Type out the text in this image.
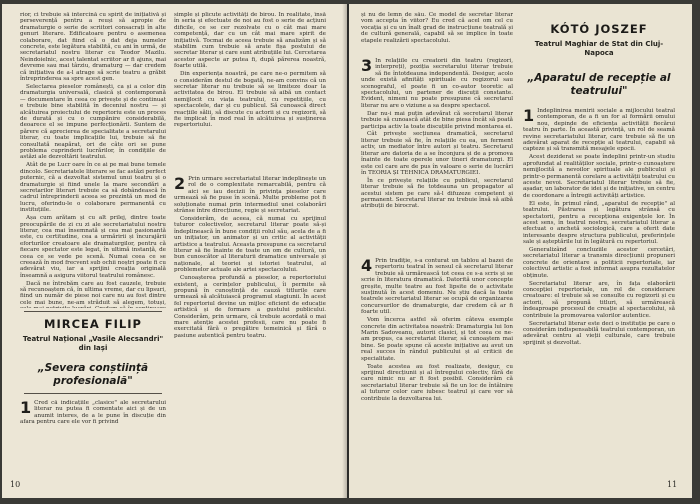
rior, ci trebuie să intercină cu spirit de inițiativă și perseverență pentru a reuși să apropie de dramaturgie o serie de scriitori consacrați în alte genuri literare. Edificatoare pentru o asemenea colaborare, dat fiind că o dat deja numelor concrete, este legătura stabilită, cu ani în urmă, de secretariatul nostru literar cu Teodor Mazilu. Neindoielnic, acest talentat scriitor ar fi ajuns, mai devreme sau mai târziu, dramaturg — dar credem că inițiativa de a-l atrage să scrie teatru a grăbit întreprinderea sa spre acest gen.

Selectarea pieselor românești, ca și a celor din dramaturgia universală, clasică și contemporană — documentare în ceea ce privește și de continuat e trebuie bine stabilită în deceniul nostru — și alcătuirea proiectului de repertoriu este un proces de durată și cu o cumpănire considerabilă, deoarece el se impune perfecționării. Suntem de părere că aprecierea de specialitate a secretarului literar, cu toate implicațiile lui, trebuie să fie consultată neapărat, ori de câte ori se pune problema cuprinderii lucrărilor, în condițiile de astăzi ale dezvoltării teatrului.

Atât de pe Lucr oare în ce ai pe mai bune temele dincolo. Secretariatele literare se fac astăzi perfect puternic, că a dezvoltat sistemul unui teatru și o dramaturgie și fiind unele la mare secondări a secretarilor literari trebuie ca să dobândească în cadrul întreprinderii aceea se prezintă un mod de lucru, oferindu-le o colaborare permanentă cu instituțiile.

Așa cum arătam și cu alt prilej, dintre toate preocupările de zi cu zi ale secretariatului nostru literar, cea mai însemnată și cea mai pasionantă este, cu certitudine, cea a urmăririi și încurajării eforturilor creatoare ale dramaturgilor, pentru că fiecare spectator este legat, în ultimă instanță, de ceea ce se vede pe scenă. Numai ceea ce se creează în mod frecvent sub ochii noștri poate fi cu adevărat viu, iar a sprijini creația originală înseamnă a asigura viitorul teatrului românesc.

Dacă ne întrebăm care au fost cauzele, trebuie să recunoaștem că, în ultima vreme, dar cu lipsuri, fiind un număr de piese noi care nu au fost dintre cele mai bune, ne-am străduit să alegem, totuși,

MIRCEA FILIP
Teatrul Național „Vasile Alecsandri" din Iași
„Severa conștiință profesională"

1 Cred că indicațiile „clasice" ale secretarului literar nu putea fi comentate aici și de un anumit interes, de a le pune în discuție din afara pentru care ele vor fi privind

simple și plicute activități de birou. În realitate, însă în seria și efectuate de noi au fost o serie de acțiuni dificile, ce se cer rezolvate cu o cât mai mare competență, dar cu un cât mai mare spirit de inițiativă. Tocmai de aceea trebuie să analizăm și să stabilim cum trebuie să arate fișa postului de secretar literar și care sunt atribuțiile lui. Cercetarea acestor aspecte ar putea fi, după părerea noastră, foarte utilă.

Din experiența noastră, pe care ne-o permitem să o considerăm destul de bogată, ne-am convins că un secretar literar nu trebuie să se limiteze doar la activitatea de birou. El trebuie să aibă un contact nemijlocit cu viața teatrului, cu repetițiile, cu spectacolele, dar și cu publicul. Să cunoască direct reacțiile sălii, să discute cu actorii și cu regizorii, să fie implicat în mod real în alcătuirea și susținerea repertoriului.

2 Prin urmare secretariatul literar îndeplinește un rol de o complexitate remarcabilă, pentru că aici se iau decizii în privința pieselor care urmează să fie puse în scenă. Multe probleme pot fi soluționate numai prin intermediul unei colaborări strânse între direcțiune, regie și secretariat.

Considerăm, de aceea, că numai cu sprijinul tuturor colectivelor, secretarul literar poate să-și îndeplinească în bune condiții rolul său, acela de a fi un inițiator, un animator și un critic al activității artistice a teatrului. Aceasta presupune ca secretarul literar să fie înainte de toate un om de cultură, un bun cunoscător al literaturii dramatice universale și naționale, al teoriei și istoriei teatrului, al problemelor actuale ale artei spectacolului.

Cunoașterea profundă a pieselor, a repertoriului existent, a cerințelor publicului, îi permite să propună în cunoștință de cauză titlurile care urmează să alcătuiască programul stagiunii. În acest fel repertoriul devine un mijloc eficient de educație artistică și de formare a gustului publicului. Considerăm, prin urmare, că trebuie acordată o mai mare atenție acestei profesii, care nu poate fi exercitată fără o pregătire temeinică și fără o pasiune autentică pentru teatru.

10

și nu de lemn de său. Ce model de secretar literar vom accepta în viitor? Eu cred că acel om cel cu vocația și cu un înalt grad de instrucțiune teatrală și de cultură generală, capabil să se implice în toate etapele realizării spectacolului.

3 În relațiile cu creatorii din teatru (regizori, interpreți), poziția secretarului literar trebuie să fie întotdeauna independentă. Desigur, acolo unde există afinități spirituale cu regizorul sau scenograful, el poate fi un co-autor teoretic al spectacolului, un partener de discuții constante. Evident, nimeni nu poate presupune că secretarul literar nu are o viziune a sa despre spectacol.

Dar nu-i mai puțin adevărat că secretarul literar trebuie să cunoască atât de bine piesa încât să poată participa activ la toate discuțiile privind montarea ei.

Cât privește secțiunea dramatică, secretarul literar trebuie să fie, în relațiile cu ea, un ferment activ, un mediator între autori și teatru. Secretarul literar are datoria de a se înconjura și de a promova înainte de toate operele unor tineri dramaturgi. El este cel care are de pus în valoare o serie de lucrări în TEORIA ȘI TEHNICA DRAMATURGIEI.

În ce privește relațiile cu publicul, secretarul literar trebuie să fie totdeauna un propagator al acestui sistem pe care să-l difuzeze competent și permanent. Secretarul literar nu trebuie însă să aibă atribuții de birocrat.

4 Prin tradiție, s-a conturat un tablou al bazei de repertoriu teatral în sensul că secretarul literar trebuie să urmărească tot ceea ce s-a scris și se scrie în literatura dramatică. Datorită unor concepte greșite, multe teatre au fost lipsite de o activitate susținută în acest domeniu. Nu știu dacă la toate teatrele secretariatul literar se ocupă de organizarea concursurilor de dramaturgie, dar credem că ar fi foarte util.

Vom încerca astfel să oferim câteva exemple concrete din activitatea noastră: Dramaturgia lui Ion Marin Sadoveanu, autorii clasici, și tot ceea ce ne-am propus, ca secretariat literar, să cunoaștem mai bine. Se poate spune că aceste inițiative au avut un real succes în rândul publicului și al criticii de specialitate.

Toate acestea au fost realizate, desigur, cu sprijinul direcțiunii și al întregului colectiv, fără de care nimic nu ar fi fost posibil. Considerăm că secretariatul literar trebuie să fie un loc de întâlnire al tuturor celor care iubesc teatrul și care vor să contribuie la dezvoltarea lui.

KÓTÓ JOSZEF
Teatrul Maghiar de Stat din Cluj-Napoca
„Aparatul de recepție al teatrului"

1 Îndeplinirea menirii sociale a mijlocului teatral contemporan, de a fi un for al formării omului nou, depinde de eficiența activității fiecărui teatru în parte. În această privință, un rol de seamă revine secretariatului literar, care trebuie să fie un adevărat aparat de recepție al teatrului, capabil să capteze și să transmită mesajele epocii.

Acest deziderat se poate îndeplini printr-un studiu aprofundat al realităților sociale, printr-o cunoaștere nemijlocită a nevoilor spirituale ale publicului și printr-o permanentă corelare a activității teatrului cu aceste nevoi. Secretariatul literar trebuie să fie, așadar, un laborator de idei și de inițiative, un centru de coordonare a întregii activități artistice.

El este, în primul rând, „aparatul de recepție" al teatrului. Păstrarea și legătura strânsă cu spectatorii, pentru a recepționa exigențele lor. În acest sens, în teatrul nostru, secretariatul literar a efectuat o anchetă sociologică, care a oferit date interesante despre structura publicului, preferințele sale și așteptările lui în legătură cu repertoriul.

Generalizând concluziile acestor cercetări, secretariatul literar a transmis direcțiunii propuneri concrete de orientare a politicii repertoriale, iar colectivul artistic a fost informat asupra rezultatelor obținute.

Secretariatul literar are, în fața elaborării concepției repertoriale, un rol de considerare creatoare: el trebuie să se consulte cu regizorii și cu actorii, să propună titluri, să urmărească îndeaproape procesul de creație al spectacolului, să contribuie la promovarea valorilor autentice.

Secretariatul literar este deci o instituție pe care o considerăm indispensabilă teatrului contemporan, un adevărat centru al vieții culturale, care trebuie sprijinit și dezvoltat.

11
